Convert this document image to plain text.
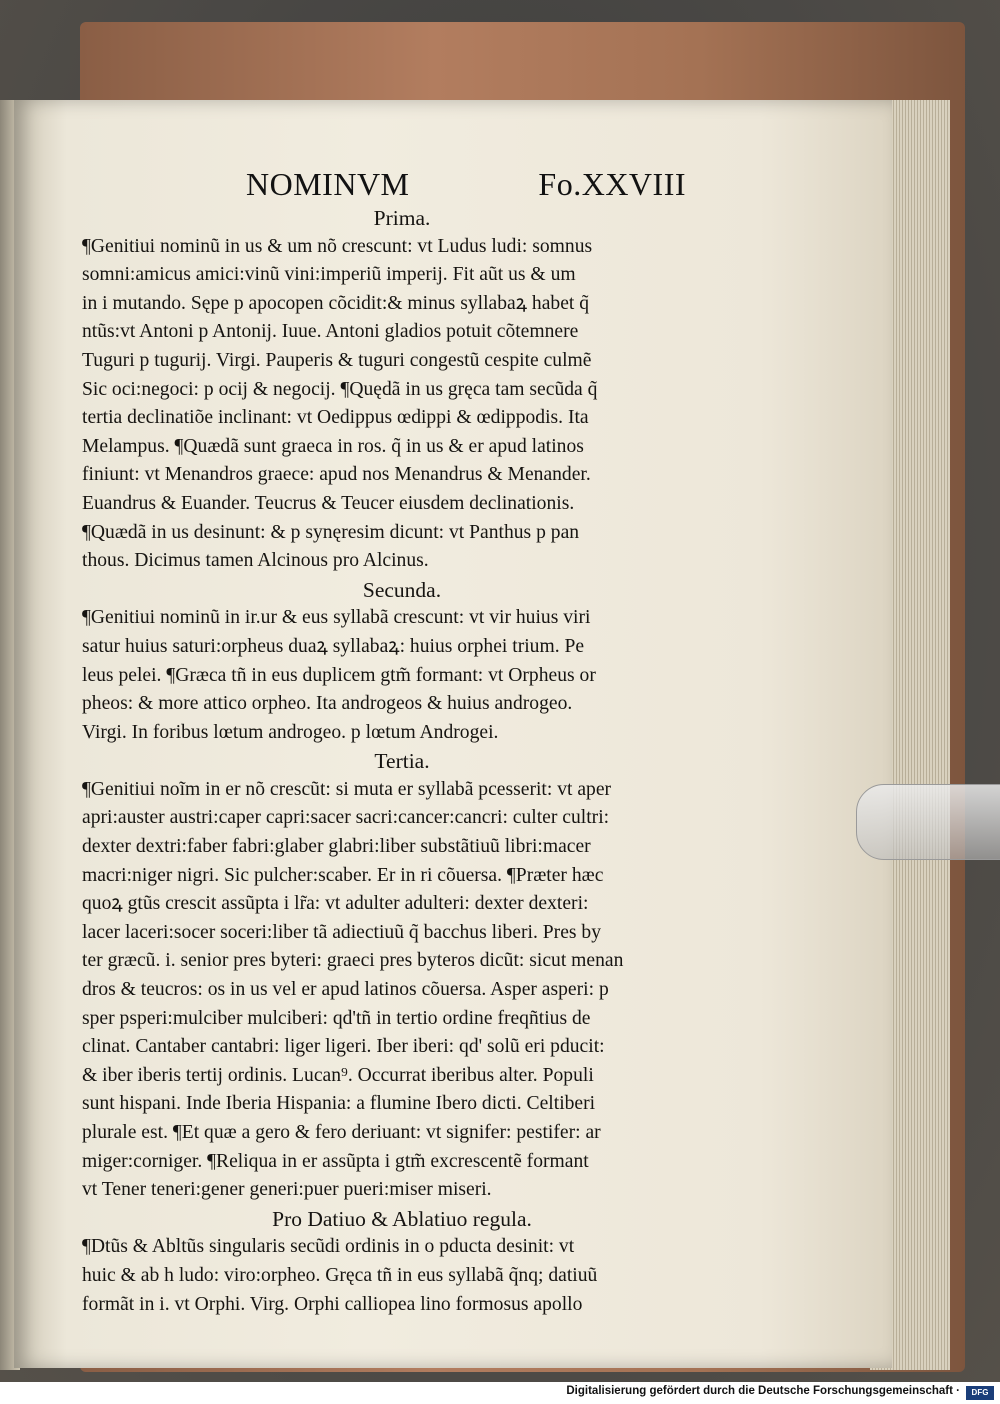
NOMINVM	Fo.XXVIII
Prima.
¶Genitiui nominũ in us & um nõ crescunt: vt Ludus ludi: somnus
somni:amicus amici:vinũ vini:imperiũ imperij. Fit aũt us & um
in i mutando. Sępe p apocopen cõcidit:& minus syllabaꝝ habet q̃
ntũs:vt Antoni p Antonij. Iuue. Antoni gladios potuit cõtemnere
Tuguri p tugurij. Virgi. Pauperis & tuguri congestũ cespite culmẽ
Sic oci:negoci: p ocij & negocij. ¶Quędã in us gręca tam secũda q̃
tertia declinatiõe inclinant: vt Oedippus œdippi & œdippodis. Ita
Melampus. ¶Quædã sunt graeca in ros. q̃ in us & er apud latinos
finiunt: vt Menandros graece: apud nos Menandrus & Menander.
Euandrus & Euander. Teucrus & Teucer eiusdem declinationis.
¶Quædã in us desinunt: & p synęresim dicunt: vt Panthus p pan
thous. Dicimus tamen Alcinous pro Alcinus.
Secunda.
¶Genitiui nominũ in ir.ur & eus syllabã crescunt: vt vir huius viri
satur huius saturi:orpheus duaꝝ syllabaꝝ: huius orphei trium. Pe
leus pelei. ¶Græca tñ in eus duplicem gtm̃ formant: vt Orpheus or
pheos: & more attico orpheo. Ita androgeos & huius androgeo.
Virgi. In foribus lœtum androgeo. p lœtum Androgei.
Tertia.
¶Genitiui noĩm in er nõ crescũt: si muta er syllabã pcesserit: vt aper
apri:auster austri:caper capri:sacer sacri:cancer:cancri: culter cultri:
dexter dextri:faber fabri:glaber glabri:liber substãtiuũ libri:macer
macri:niger nigri. Sic pulcher:scaber. Er in ri cõuersa. ¶Præter hæc
quoꝝ gtũs crescit assũpta i lr̃a: vt adulter adulteri: dexter dexteri:
lacer laceri:socer soceri:liber tã adiectiuũ q̃ bacchus liberi. Pres by
ter græcũ. i. senior pres byteri: graeci pres byteros dicũt: sicut menan
dros & teucros: os in us vel er apud latinos cõuersa. Asper asperi: p
sper psperi:mulciber mulciberi: qd'tñ in tertio ordine freqñtius de
clinat. Cantaber cantabri: liger ligeri. Iber iberi: qd' solũ eri pducit:
& iber iberis tertij ordinis. Lucan⁹. Occurrat iberibus alter. Populi
sunt hispani. Inde Iberia Hispania: a flumine Ibero dicti. Celtiberi
plurale est. ¶Et quæ a gero & fero deriuant: vt signifer: pestifer: ar
miger:corniger. ¶Reliqua in er assũpta i gtm̃ excrescentẽ formant
vt Tener teneri:gener generi:puer pueri:miser miseri.
Pro Datiuo & Ablatiuo regula.
¶Dtũs & Abltũs singularis secũdi ordinis in o pducta desinit: vt
huic & ab h ludo: viro:orpheo. Gręca tñ in eus syllabã q̃nq; datiuũ
formãt in i. vt Orphi. Virg. Orphi calliopea lino formosus apollo
Digitalisierung gefördert durch die Deutsche Forschungsgemeinschaft ·	DFG
